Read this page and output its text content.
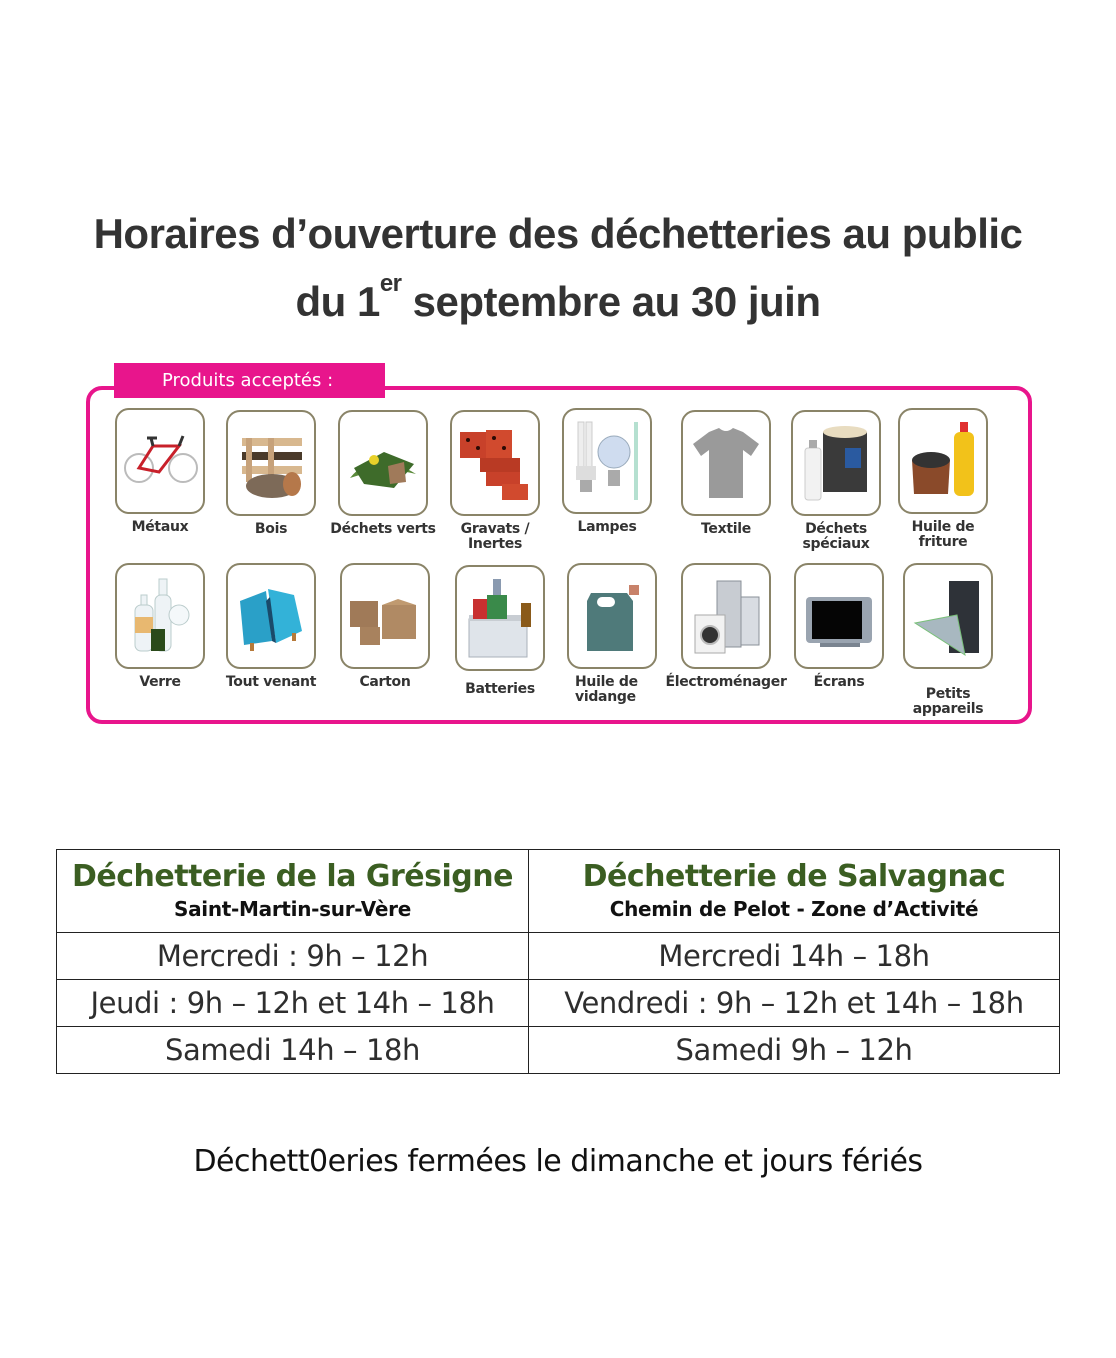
Horaires d’ouverture des déchetteries au public
du 1er septembre au 30 juin
Produits acceptés :
Métaux	Bois	Déchets verts	Gravats / Inertes
Lampes	Textile	Déchets spéciaux
Huile de friture
Verre	Tout venant	Carton	Batteries	Huile de vidange
Électroménager	Écrans
Petits appareils
Déchetterie de la Grésigne
Saint-Martin-sur-Vère

Déchetterie de Salvagnac
Chemin de Pelot - Zone d’Activité

Mercredi : 9h – 12h	Mercredi 14h – 18h
Jeudi : 9h – 12h et 14h – 18h	Vendredi : 9h – 12h et 14h – 18h
Samedi 14h – 18h	Samedi 9h – 12h
Déchett0eries fermées le dimanche et jours fériés
